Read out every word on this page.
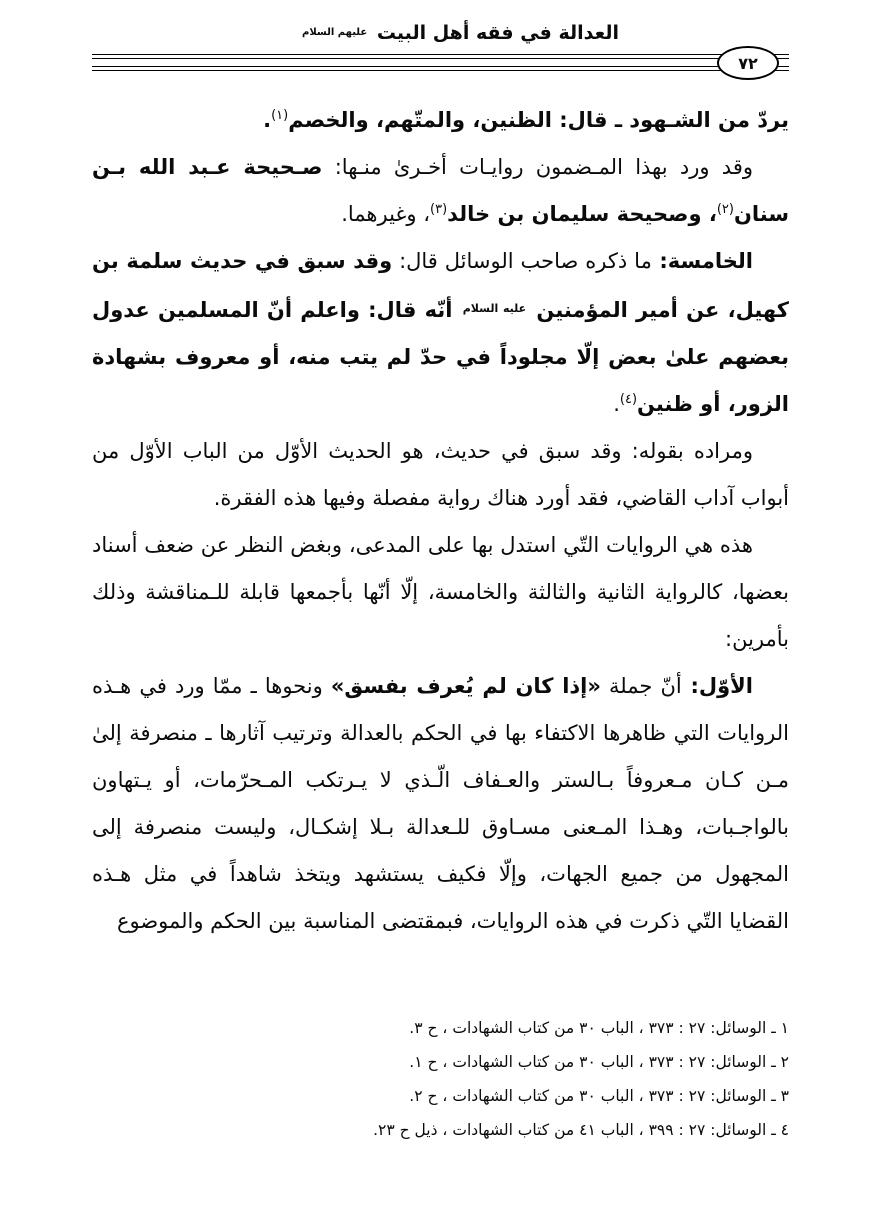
العدالة في فقه أهل البيت $^{عليهم السلام}$
٧٢

يردّ من الشـهود ـ قال: الظنين، والمتّهم، والخصم$^{(١)}$.

وقد ورد بهذا المـضمون روايـات أخـرىٰ منـها: صـحيحة عـبد الله بـن سنان$^{(٢)}$، وصحيحة سليمان بن خالد$^{(٣)}$، وغيرهما.

الخامسة: ما ذكره صاحب الوسائل قال: وقد سبق في حديث سلمة بن كهيل، عن أمير المؤمنين $^{عليه السلام}$ أنّه قال: واعلم أنّ المسلمين عدول بعضهم علىٰ بعض إلّا مجلوداً في حدّ لم يتب منه، أو معروف بشهادة الزور، أو ظنين$^{(٤)}$.

ومراده بقوله: وقد سبق في حديث، هو الحديث الأوّل من الباب الأوّل من أبواب آداب القاضي، فقد أورد هناك رواية مفصلة وفيها هذه الفقرة.

هذه هي الروايات التّي استدل بها على المدعى، وبغض النظر عن ضعف أسناد بعضها، كالرواية الثانية والثالثة والخامسة، إلّا أنّها بأجمعها قابلة للـمناقشة وذلك بأمرين:

الأوّل: أنّ جملة «إذا كان لم يُعرف بفسق» ونحوها ـ ممّا ورد في هـذه الروايات التي ظاهرها الاكتفاء بها في الحكم بالعدالة وترتيب آثارها ـ منصرفة إلىٰ مـن كـان مـعروفاً بـالستر والعـفاف الّـذي لا يـرتكب المـحرّمات، أو يـتهاون بالواجـبات، وهـذا المـعنى مسـاوق للـعدالة بـلا إشكـال، وليست منصرفة إلى المجهول من جميع الجهات، وإلّا فكيف يستشهد ويتخذ شاهداً في مثل هـذه القضايا التّي ذكرت في هذه الروايات، فبمقتضى المناسبة بين الحكم والموضوع

١ ـ الوسائل: ٢٧ : ٣٧٣ ، الباب ٣٠ من كتاب الشهادات ، ح ٣.

٢ ـ الوسائل: ٢٧ : ٣٧٣ ، الباب ٣٠ من كتاب الشهادات ، ح ١.

٣ ـ الوسائل: ٢٧ : ٣٧٣ ، الباب ٣٠ من كتاب الشهادات ، ح ٢.

٤ ـ الوسائل: ٢٧ : ٣٩٩ ، الباب ٤١ من كتاب الشهادات ، ذيل ح ٢٣.
